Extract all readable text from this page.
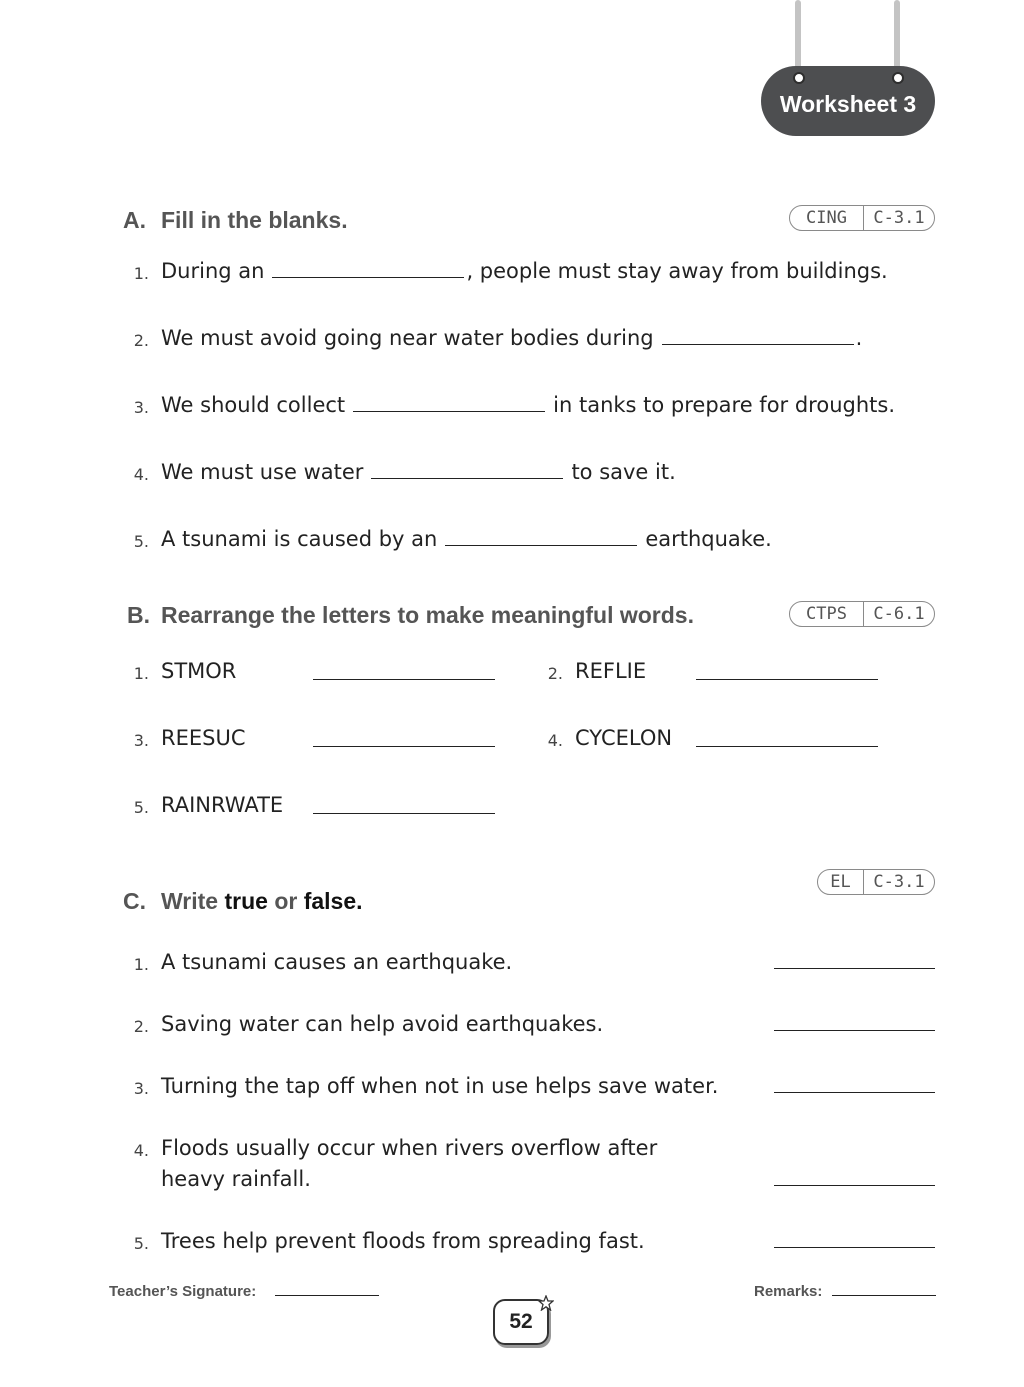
Worksheet 3
A. Fill in the blanks.	CING	C-3.1
1. During an	, people must stay away from buildings.
2. We must avoid going near water bodies during	.
3. We should collect	in tanks to prepare for droughts.
4. We must use water	to save it.
5. A tsunami is caused by an	earthquake.
B. Rearrange the letters to make meaningful words.	CTPS	C-6.1
1. STMOR	2. REFLIE
3. REESUC	4. CYCELON
5. RAINRWATE
C. Write true or false.
EL	C-3.1
1. A tsunami causes an earthquake.
2. Saving water can help avoid earthquakes.
3. Turning the tap off when not in use helps save water.
4. Floods usually occur when rivers overflow after
heavy rainfall.
5. Trees help prevent floods from spreading fast.
Teacher’s Signature:	Remarks:
52
